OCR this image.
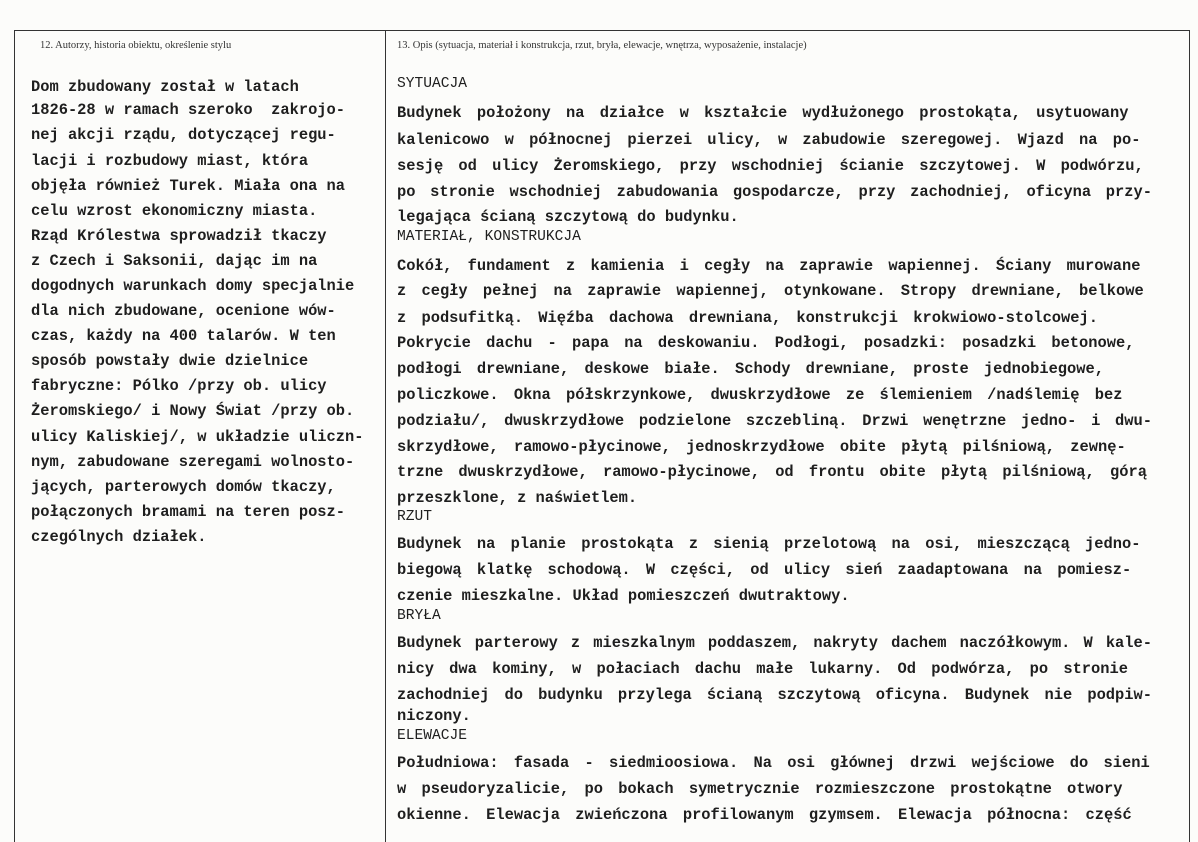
12. Autorzy, historia obiektu, określenie stylu	13. Opis (sytuacja, materiał i konstrukcja, rzut, bryła, elewacje, wnętrza, wyposażenie, instalacje)
Dom zbudowany został w latach
1826-28 w ramach szeroko  zakrojo-
nej akcji rządu, dotyczącej regu-
lacji i rozbudowy miast, która
objęła również Turek. Miała ona na
celu wzrost ekonomiczny miasta.
Rząd Królestwa sprowadził tkaczy
z Czech i Saksonii, dając im na
dogodnych warunkach domy specjalnie
dla nich zbudowane, ocenione wów-
czas, każdy na 400 talarów. W ten
sposób powstały dwie dzielnice
fabryczne: Pólko /przy ob. ulicy
Żeromskiego/ i Nowy Świat /przy ob.
ulicy Kaliskiej/, w układzie uliczn-
nym, zabudowane szeregami wolnosto-
jących, parterowych domów tkaczy,
połączonych bramami na teren posz-
czególnych działek.
SYTUACJA
Budynek położony na działce w kształcie wydłużonego prostokąta, usytuowany
kalenicowo w północnej pierzei ulicy, w zabudowie szeregowej. Wjazd na po-
sesję od ulicy Żeromskiego, przy wschodniej ścianie szczytowej. W podwórzu,
po stronie wschodniej zabudowania gospodarcze, przy zachodniej, oficyna przy-
legająca ścianą szczytową do budynku.
MATERIAŁ, KONSTRUKCJA
Cokół, fundament z kamienia i cegły na zaprawie wapiennej. Ściany murowane
z cegły pełnej na zaprawie wapiennej, otynkowane. Stropy drewniane, belkowe
z podsufitką. Więźba dachowa drewniana, konstrukcji krokwiowo-stolcowej.
Pokrycie dachu - papa na deskowaniu. Podłogi, posadzki: posadzki betonowe,
podłogi drewniane, deskowe białe. Schody drewniane, proste jednobiegowe,
policzkowe. Okna półskrzynkowe, dwuskrzydłowe ze ślemieniem /nadślemię bez
podziału/, dwuskrzydłowe podzielone szczebliną. Drzwi wenętrzne jedno- i dwu-
skrzydłowe, ramowo-płycinowe, jednoskrzydłowe obite płytą pilśniową, zewnę-
trzne dwuskrzydłowe, ramowo-płycinowe, od frontu obite płytą pilśniową, górą
przeszklone, z naświetlem.
RZUT
Budynek na planie prostokąta z sienią przelotową na osi, mieszczącą jedno-
biegową klatkę schodową. W części, od ulicy sień zaadaptowana na pomiesz-
czenie mieszkalne. Układ pomieszczeń dwutraktowy.
BRYŁA
Budynek parterowy z mieszkalnym poddaszem, nakryty dachem naczółkowym. W kale-
nicy dwa kominy, w połaciach dachu małe lukarny. Od podwórza, po stronie
zachodniej do budynku przylega ścianą szczytową oficyna. Budynek nie podpiw-
niczony.
ELEWACJE
Południowa: fasada - siedmioosiowa. Na osi głównej drzwi wejściowe do sieni
w pseudoryzalicie, po bokach symetrycznie rozmieszczone prostokątne otwory
okienne. Elewacja zwieńczona profilowanym gzymsem. Elewacja północna: część
